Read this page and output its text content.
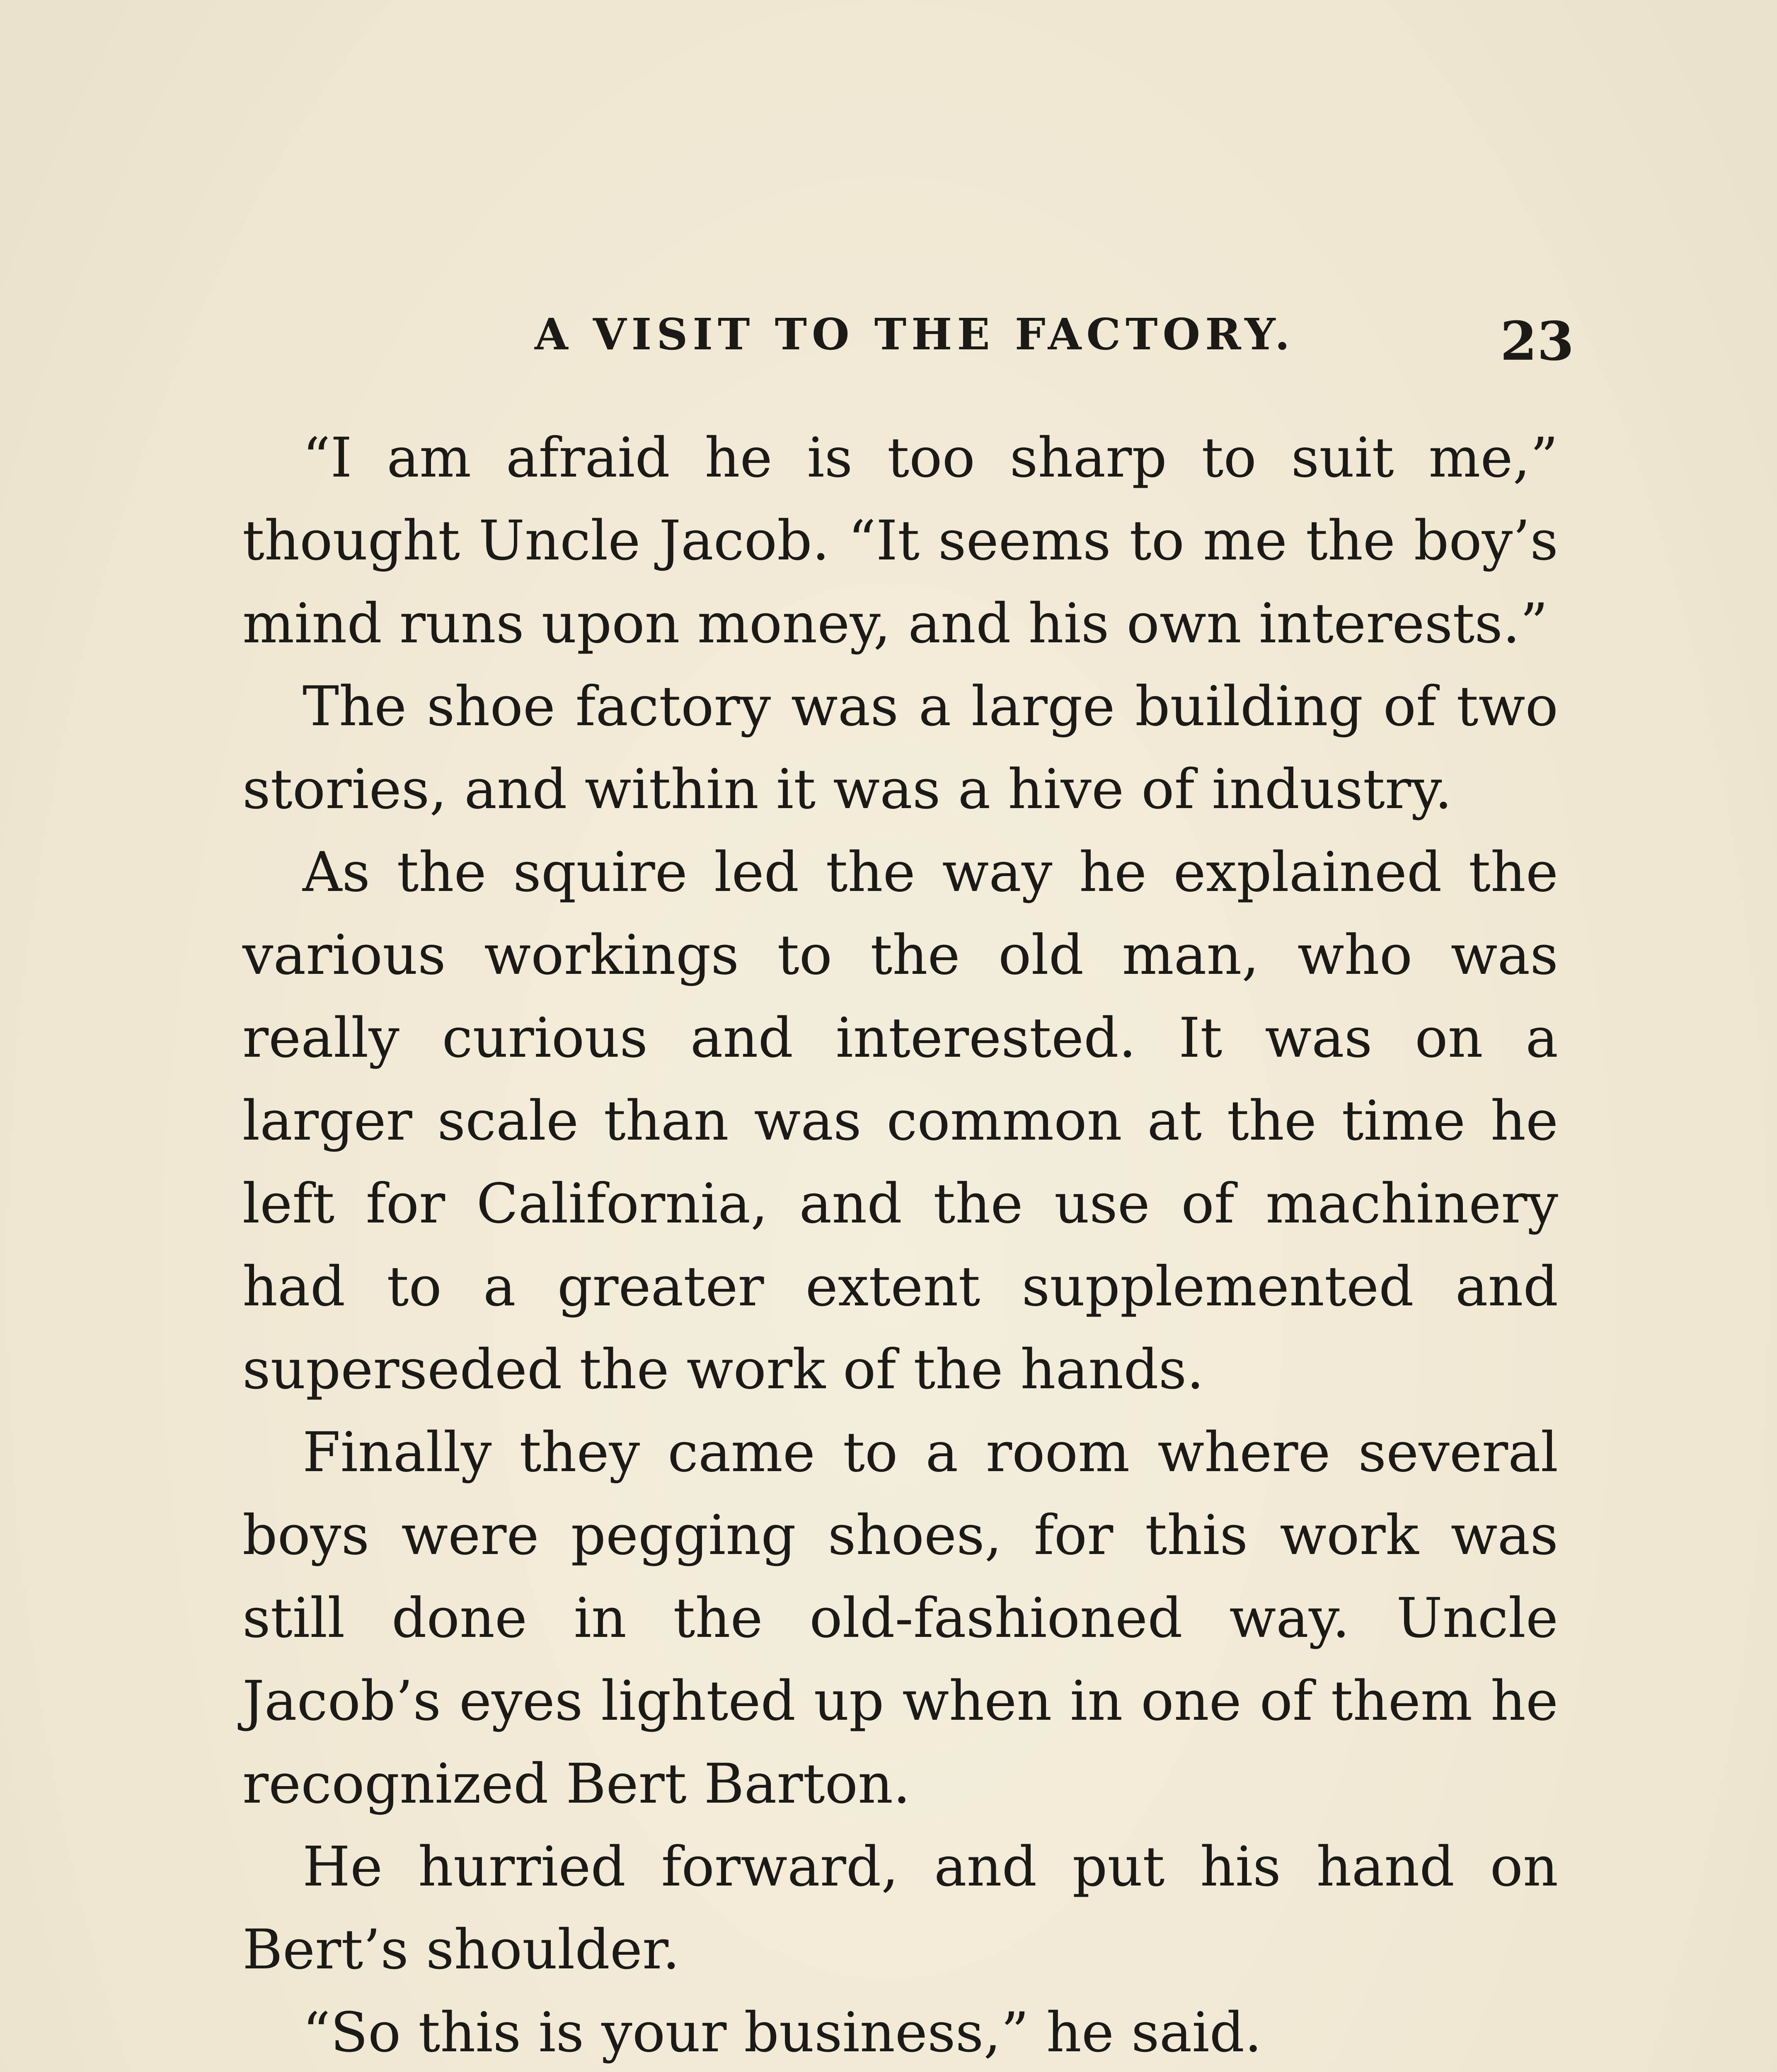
A VISIT TO THE FACTORY.	23

“I am afraid he is too sharp to suit me,” thought Uncle Jacob. “It seems to me the boy’s mind runs upon money, and his own interests.”

The shoe factory was a large building of two stories, and within it was a hive of industry.

As the squire led the way he explained the various workings to the old man, who was really curious and interested. It was on a larger scale than was common at the time he left for California, and the use of machinery had to a greater extent supplemented and superseded the work of the hands.

Finally they came to a room where several boys were pegging shoes, for this work was still done in the old-fashioned way. Uncle Jacob’s eyes lighted up when in one of them he recognized Bert Barton.

He hurried forward, and put his hand on Bert’s shoulder.

“So this is your business,” he said.
